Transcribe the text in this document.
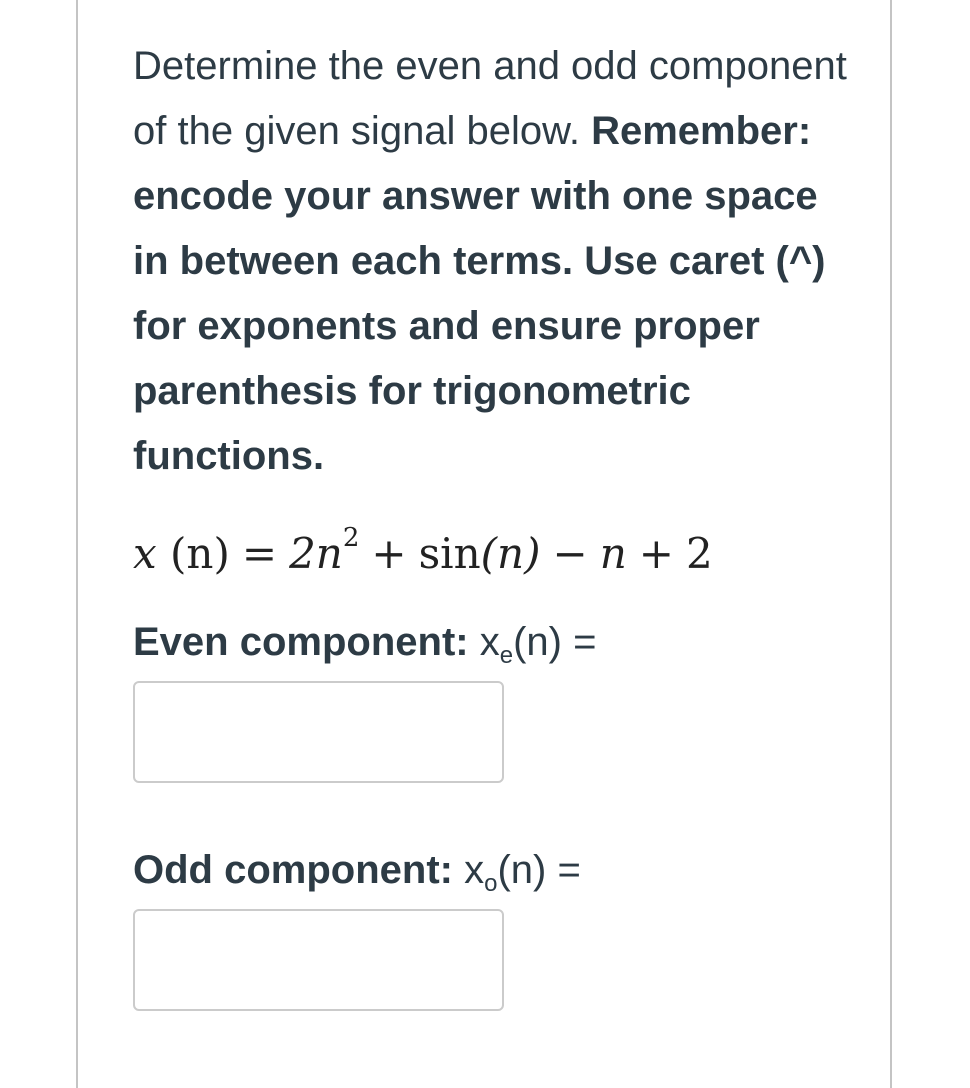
Determine the even and odd component of the given signal below. Remember: encode your answer with one space in between each terms. Use caret (^) for exponents and ensure proper parenthesis for trigonometric functions.

x $(n) = 2n^2 + \sin(n) - n + 2$
Even component: $x_e(n)$ =
Odd component: $x_o(n)$ =
